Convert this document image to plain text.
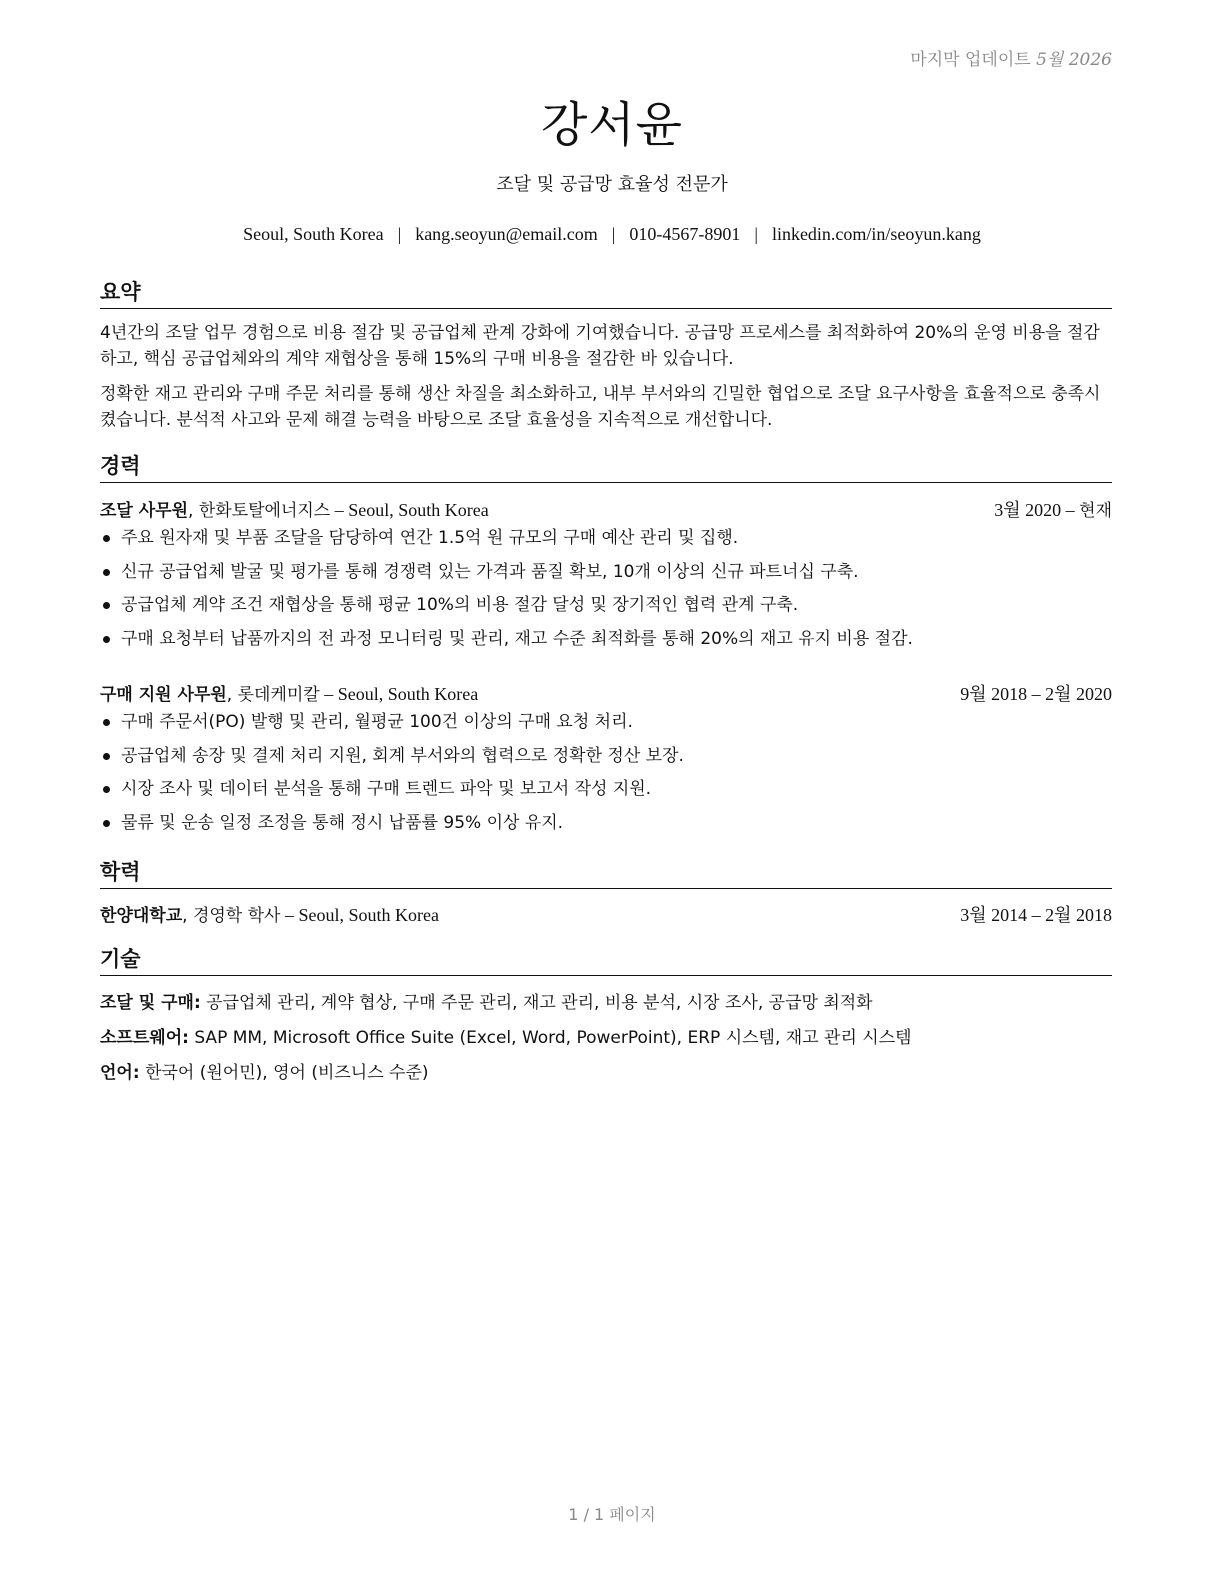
마지막 업데이트 5월 2026
강서윤
조달 및 공급망 효율성 전문가
Seoul, South Korea | kang.seoyun@email.com | 010-4567-8901 | linkedin.com/in/seoyun.kang
요약
4년간의 조달 업무 경험으로 비용 절감 및 공급업체 관계 강화에 기여했습니다. 공급망 프로세스를 최적화하여 20%의 운영 비용을 절감하고, 핵심 공급업체와의 계약 재협상을 통해 15%의 구매 비용을 절감한 바 있습니다.
정확한 재고 관리와 구매 주문 처리를 통해 생산 차질을 최소화하고, 내부 부서와의 긴밀한 협업으로 조달 요구사항을 효율적으로 충족시켰습니다. 분석적 사고와 문제 해결 능력을 바탕으로 조달 효율성을 지속적으로 개선합니다.
경력
조달 사무원, 한화토탈에너지스 – Seoul, South Korea	3월 2020 – 현재
주요 원자재 및 부품 조달을 담당하여 연간 1.5억 원 규모의 구매 예산 관리 및 집행.
신규 공급업체 발굴 및 평가를 통해 경쟁력 있는 가격과 품질 확보, 10개 이상의 신규 파트너십 구축.
공급업체 계약 조건 재협상을 통해 평균 10%의 비용 절감 달성 및 장기적인 협력 관계 구축.
구매 요청부터 납품까지의 전 과정 모니터링 및 관리, 재고 수준 최적화를 통해 20%의 재고 유지 비용 절감.
구매 지원 사무원, 롯데케미칼 – Seoul, South Korea	9월 2018 – 2월 2020
구매 주문서(PO) 발행 및 관리, 월평균 100건 이상의 구매 요청 처리.
공급업체 송장 및 결제 처리 지원, 회계 부서와의 협력으로 정확한 정산 보장.
시장 조사 및 데이터 분석을 통해 구매 트렌드 파악 및 보고서 작성 지원.
물류 및 운송 일정 조정을 통해 정시 납품률 95% 이상 유지.
학력
한양대학교, 경영학 학사 – Seoul, South Korea	3월 2014 – 2월 2018
기술
조달 및 구매: 공급업체 관리, 계약 협상, 구매 주문 관리, 재고 관리, 비용 분석, 시장 조사, 공급망 최적화
소프트웨어: SAP MM, Microsoft Office Suite (Excel, Word, PowerPoint), ERP 시스템, 재고 관리 시스템
언어: 한국어 (원어민), 영어 (비즈니스 수준)
1 / 1 페이지
